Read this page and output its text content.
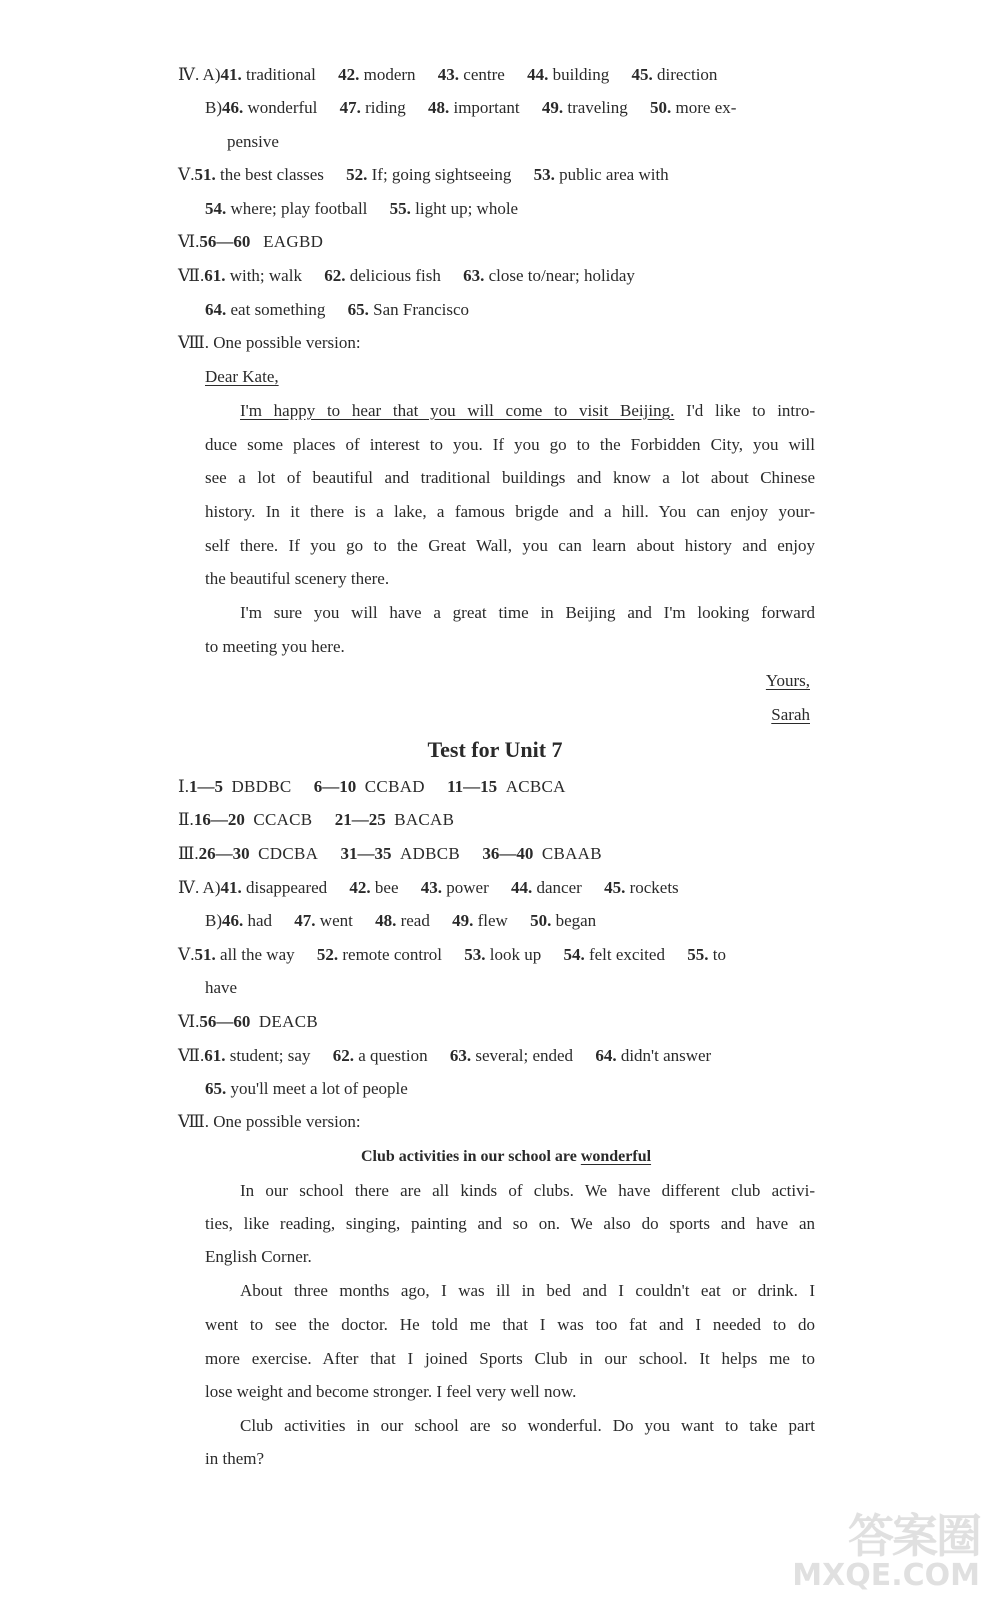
Ⅳ. A)41. traditional 42. modern 43. centre 44. building 45. direction
B)46. wonderful 47. riding 48. important 49. traveling 50. more ex-
pensive
Ⅴ.51. the best classes 52. If; going sightseeing 53. public area with
54. where; play football 55. light up; whole
Ⅵ.56—60 EAGBD
Ⅶ.61. with; walk 62. delicious fish 63. close to/near; holiday
64. eat something 65. San Francisco
Ⅷ. One possible version:
Dear Kate,
I'm happy to hear that you will come to visit Beijing. I'd like to intro-
duce some places of interest to you. If you go to the Forbidden City, you will
see a lot of beautiful and traditional buildings and know a lot about Chinese
history. In it there is a lake, a famous brigde and a hill. You can enjoy your-
self there. If you go to the Great Wall, you can learn about history and enjoy
the beautiful scenery there.
I'm sure you will have a great time in Beijing and I'm looking forward
to meeting you here.
Yours,
Sarah
Test for Unit 7
Ⅰ.1—5 DBDBC 6—10 CCBAD 11—15 ACBCA
Ⅱ.16—20 CCACB 21—25 BACAB
Ⅲ.26—30 CDCBA 31—35 ADBCB 36—40 CBAAB
Ⅳ. A)41. disappeared 42. bee 43. power 44. dancer 45. rockets
B)46. had 47. went 48. read 49. flew 50. began
Ⅴ.51. all the way 52. remote control 53. look up 54. felt excited 55. to
have
Ⅵ.56—60 DEACB
Ⅶ.61. student; say 62. a question 63. several; ended 64. didn't answer
65. you'll meet a lot of people
Ⅷ. One possible version:
Club activities in our school are wonderful
In our school there are all kinds of clubs. We have different club activi-
ties, like reading, singing, painting and so on. We also do sports and have an
English Corner.
About three months ago, I was ill in bed and I couldn't eat or drink. I
went to see the doctor. He told me that I was too fat and I needed to do
more exercise. After that I joined Sports Club in our school. It helps me to
lose weight and become stronger. I feel very well now.
Club activities in our school are so wonderful. Do you want to take part
in them?
答案圈
MXQE.COM
